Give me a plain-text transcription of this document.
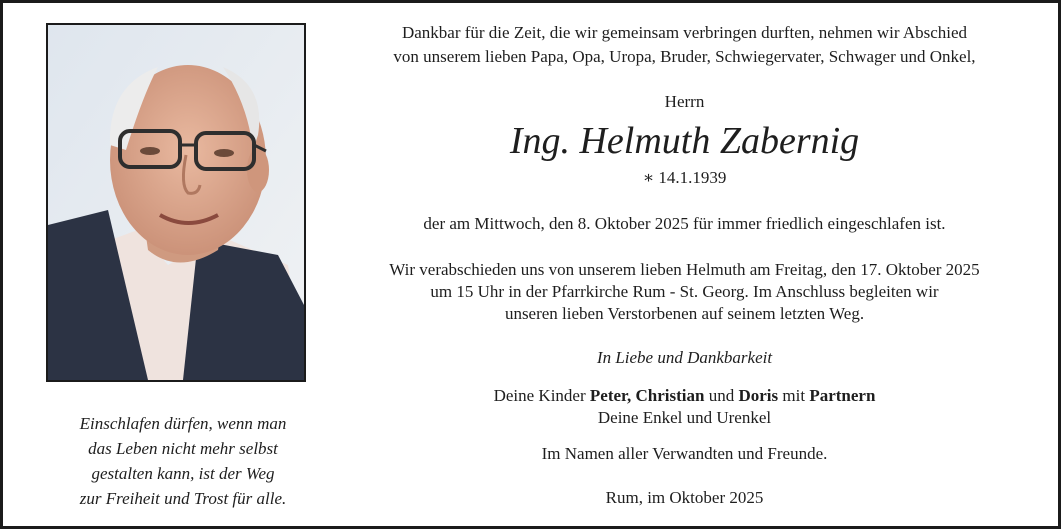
Einschlafen dürfen, wenn man
das Leben nicht mehr selbst
gestalten kann, ist der Weg
zur Freiheit und Trost für alle.
Dankbar für die Zeit, die wir gemeinsam verbringen durften, nehmen wir Abschied
von unserem lieben Papa, Opa, Uropa, Bruder, Schwiegervater, Schwager und Onkel,
Herrn
Ing. Helmuth Zabernig
∗ 14.1.1939
der am Mittwoch, den 8. Oktober 2025 für immer friedlich eingeschlafen ist.
Wir verabschieden uns von unserem lieben Helmuth am Freitag, den 17. Oktober 2025
um 15 Uhr in der Pfarrkirche Rum - St. Georg. Im Anschluss begleiten wir
unseren lieben Verstorbenen auf seinem letzten Weg.
In Liebe und Dankbarkeit
Deine Kinder Peter, Christian und Doris mit Partnern
Deine Enkel und Urenkel
Im Namen aller Verwandten und Freunde.
Rum, im Oktober 2025
